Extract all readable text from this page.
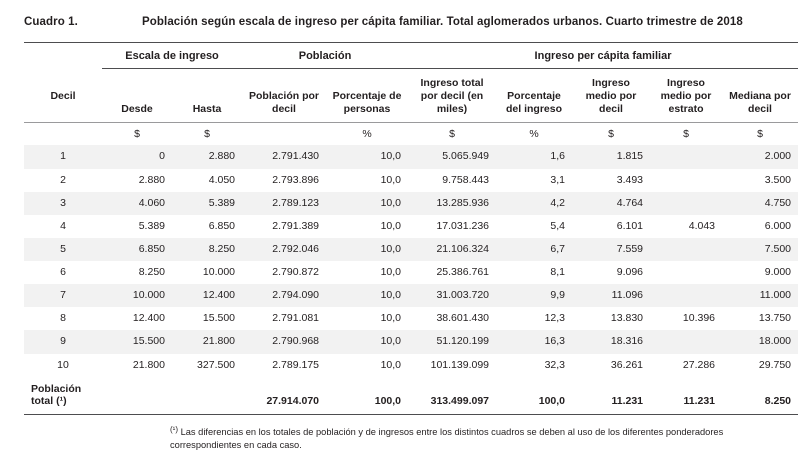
Cuadro 1.	Población según escala de ingreso per cápita familiar. Total aglomerados urbanos. Cuarto trimestre de 2018
	Escala de ingreso		Población		Ingreso per cápita familiar				
Decil	Desde	Hasta	Población por decil	Porcentaje de personas	Ingreso total por decil (en miles)	Porcentaje del ingreso	Ingreso medio por decil	Ingreso medio por estrato	Mediana por decil
	$	$		%	$	%	$	$	$
1	0	2.880	2.791.430	10,0	5.065.949	1,6	1.815		2.000
2	2.880	4.050	2.793.896	10,0	9.758.443	3,1	3.493		3.500
3	4.060	5.389	2.789.123	10,0	13.285.936	4,2	4.764		4.750
4	5.389	6.850	2.791.389	10,0	17.031.236	5,4	6.101	4.043	6.000
5	6.850	8.250	2.792.046	10,0	21.106.324	6,7	7.559		7.500
6	8.250	10.000	2.790.872	10,0	25.386.761	8,1	9.096		9.000
7	10.000	12.400	2.794.090	10,0	31.003.720	9,9	11.096		11.000
8	12.400	15.500	2.791.081	10,0	38.601.430	12,3	13.830	10.396	13.750
9	15.500	21.800	2.790.968	10,0	51.120.199	16,3	18.316		18.000
10	21.800	327.500	2.789.175	10,0	101.139.099	32,3	36.261	27.286	29.750
Población total (¹)			27.914.070	100,0	313.499.097	100,0	11.231	11.231	8.250
$^{(^1)}$ Las diferencias en los totales de población y de ingresos entre los distintos cuadros se deben al uso de los diferentes ponderadores correspondientes en cada caso.
